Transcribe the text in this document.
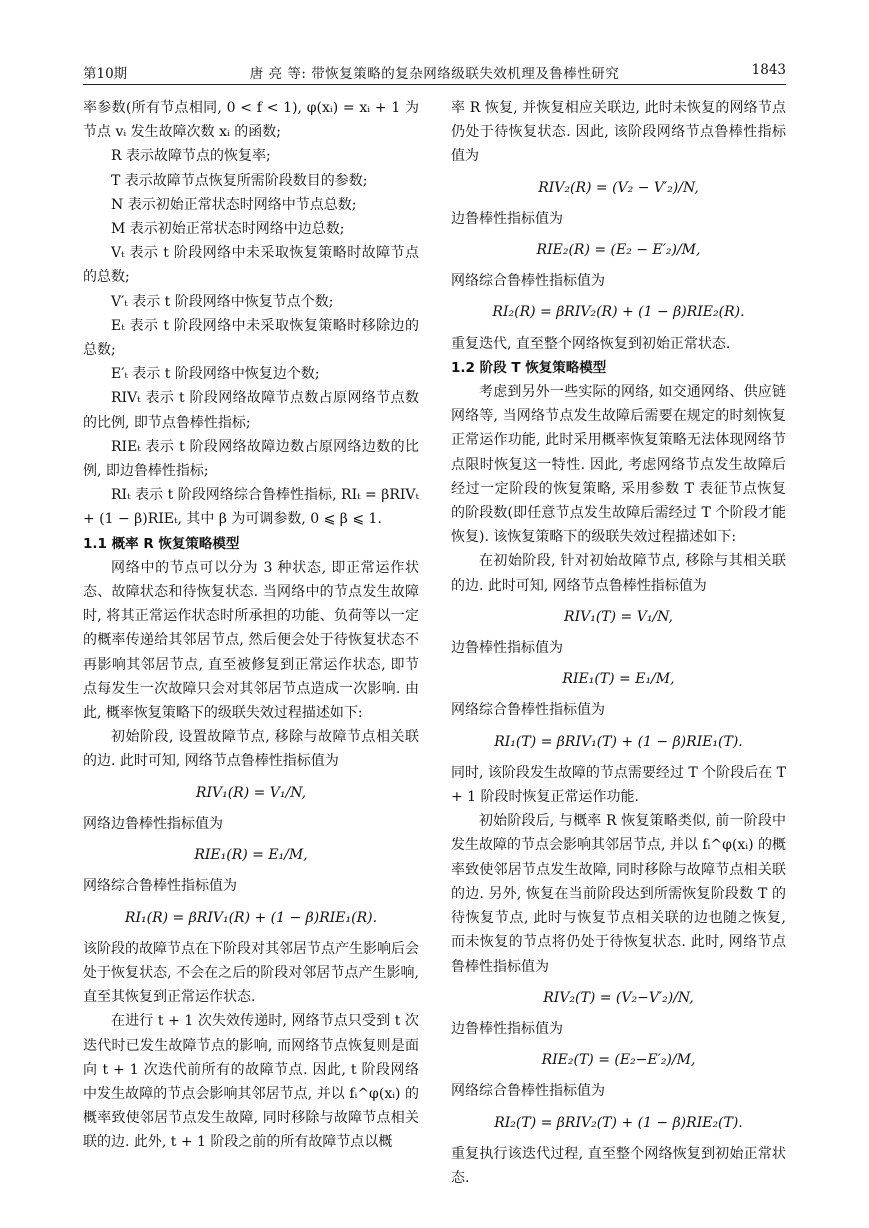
第10期	唐 亮 等: 带恢复策略的复杂网络级联失效机理及鲁棒性研究	1843

率参数(所有节点相同, 0 < f < 1), φ(xᵢ) = xᵢ + 1 为节点 vᵢ 发生故障次数 xᵢ 的函数;

R 表示故障节点的恢复率;

T 表示故障节点恢复所需阶段数目的参数;

N 表示初始正常状态时网络中节点总数;

M 表示初始正常状态时网络中边总数;

Vₜ 表示 t 阶段网络中未采取恢复策略时故障节点的总数;

V′ₜ 表示 t 阶段网络中恢复节点个数;

Eₜ 表示 t 阶段网络中未采取恢复策略时移除边的总数;

E′ₜ 表示 t 阶段网络中恢复边个数;

RIVₜ 表示 t 阶段网络故障节点数占原网络节点数的比例, 即节点鲁棒性指标;

RIEₜ 表示 t 阶段网络故障边数占原网络边数的比例, 即边鲁棒性指标;

RIₜ 表示 t 阶段网络综合鲁棒性指标, RIₜ = βRIVₜ + (1 − β)RIEₜ, 其中 β 为可调参数, 0 ⩽ β ⩽ 1.

1.1 概率 R 恢复策略模型

网络中的节点可以分为 3 种状态, 即正常运作状态、故障状态和待恢复状态. 当网络中的节点发生故障时, 将其正常运作状态时所承担的功能、负荷等以一定的概率传递给其邻居节点, 然后便会处于待恢复状态不再影响其邻居节点, 直至被修复到正常运作状态, 即节点每发生一次故障只会对其邻居节点造成一次影响. 由此, 概率恢复策略下的级联失效过程描述如下:

初始阶段, 设置故障节点, 移除与故障节点相关联的边. 此时可知, 网络节点鲁棒性指标值为

RIV₁(R) = V₁/N,

网络边鲁棒性指标值为

RIE₁(R) = E₁/M,

网络综合鲁棒性指标值为

RI₁(R) = βRIV₁(R) + (1 − β)RIE₁(R).

该阶段的故障节点在下阶段对其邻居节点产生影响后会处于恢复状态, 不会在之后的阶段对邻居节点产生影响, 直至其恢复到正常运作状态.

在进行 t + 1 次失效传递时, 网络节点只受到 t 次迭代时已发生故障节点的影响, 而网络节点恢复则是面向 t + 1 次迭代前所有的故障节点. 因此, t 阶段网络中发生故障的节点会影响其邻居节点, 并以 fᵢ^φ(xᵢ) 的概率致使邻居节点发生故障, 同时移除与故障节点相关联的边. 此外, t + 1 阶段之前的所有故障节点以概

率 R 恢复, 并恢复相应关联边, 此时未恢复的网络节点仍处于待恢复状态. 因此, 该阶段网络节点鲁棒性指标值为

RIV₂(R) = (V₂ − V′₂)/N,

边鲁棒性指标值为

RIE₂(R) = (E₂ − E′₂)/M,

网络综合鲁棒性指标值为

RI₂(R) = βRIV₂(R) + (1 − β)RIE₂(R).

重复迭代, 直至整个网络恢复到初始正常状态.

1.2 阶段 T 恢复策略模型

考虑到另外一些实际的网络, 如交通网络、供应链网络等, 当网络节点发生故障后需要在规定的时刻恢复正常运作功能, 此时采用概率恢复策略无法体现网络节点限时恢复这一特性. 因此, 考虑网络节点发生故障后经过一定阶段的恢复策略, 采用参数 T 表征节点恢复的阶段数(即任意节点发生故障后需经过 T 个阶段才能恢复). 该恢复策略下的级联失效过程描述如下:

在初始阶段, 针对初始故障节点, 移除与其相关联的边. 此时可知, 网络节点鲁棒性指标值为

RIV₁(T) = V₁/N,

边鲁棒性指标值为

RIE₁(T) = E₁/M,

网络综合鲁棒性指标值为

RI₁(T) = βRIV₁(T) + (1 − β)RIE₁(T).

同时, 该阶段发生故障的节点需要经过 T 个阶段后在 T + 1 阶段时恢复正常运作功能.

初始阶段后, 与概率 R 恢复策略类似, 前一阶段中发生故障的节点会影响其邻居节点, 并以 fᵢ^φ(xᵢ) 的概率致使邻居节点发生故障, 同时移除与故障节点相关联的边. 另外, 恢复在当前阶段达到所需恢复阶段数 T 的待恢复节点, 此时与恢复节点相关联的边也随之恢复, 而未恢复的节点将仍处于待恢复状态. 此时, 网络节点鲁棒性指标值为

RIV₂(T) = (V₂−V′₂)/N,

边鲁棒性指标值为

RIE₂(T) = (E₂−E′₂)/M,

网络综合鲁棒性指标值为

RI₂(T) = βRIV₂(T) + (1 − β)RIE₂(T).

重复执行该迭代过程, 直至整个网络恢复到初始正常状态.
